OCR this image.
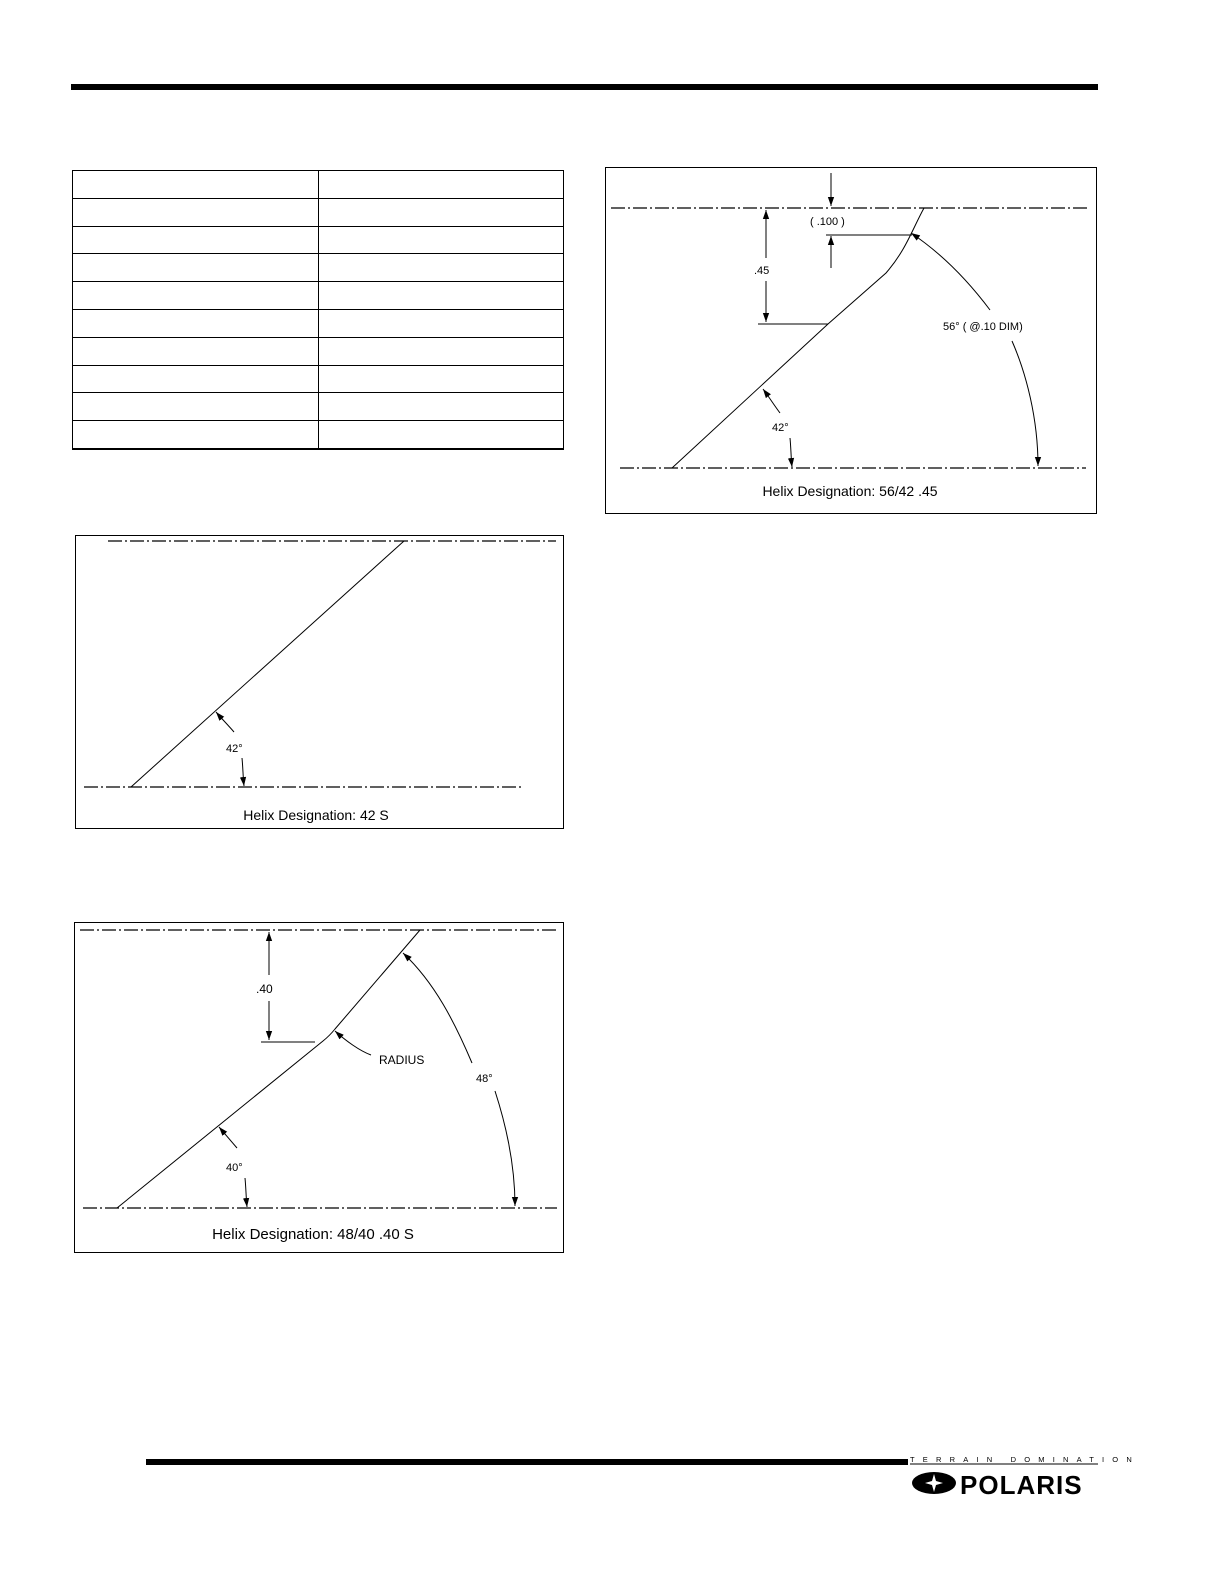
( .100 )
.45
56° ( @.10 DIM)
42°
Helix Designation: 56/42 .45
42°
Helix Designation: 42 S
.40
RADIUS
48°
40°
Helix Designation: 48/40 .40 S
TERRAIN DOMINATION
POLARIS
